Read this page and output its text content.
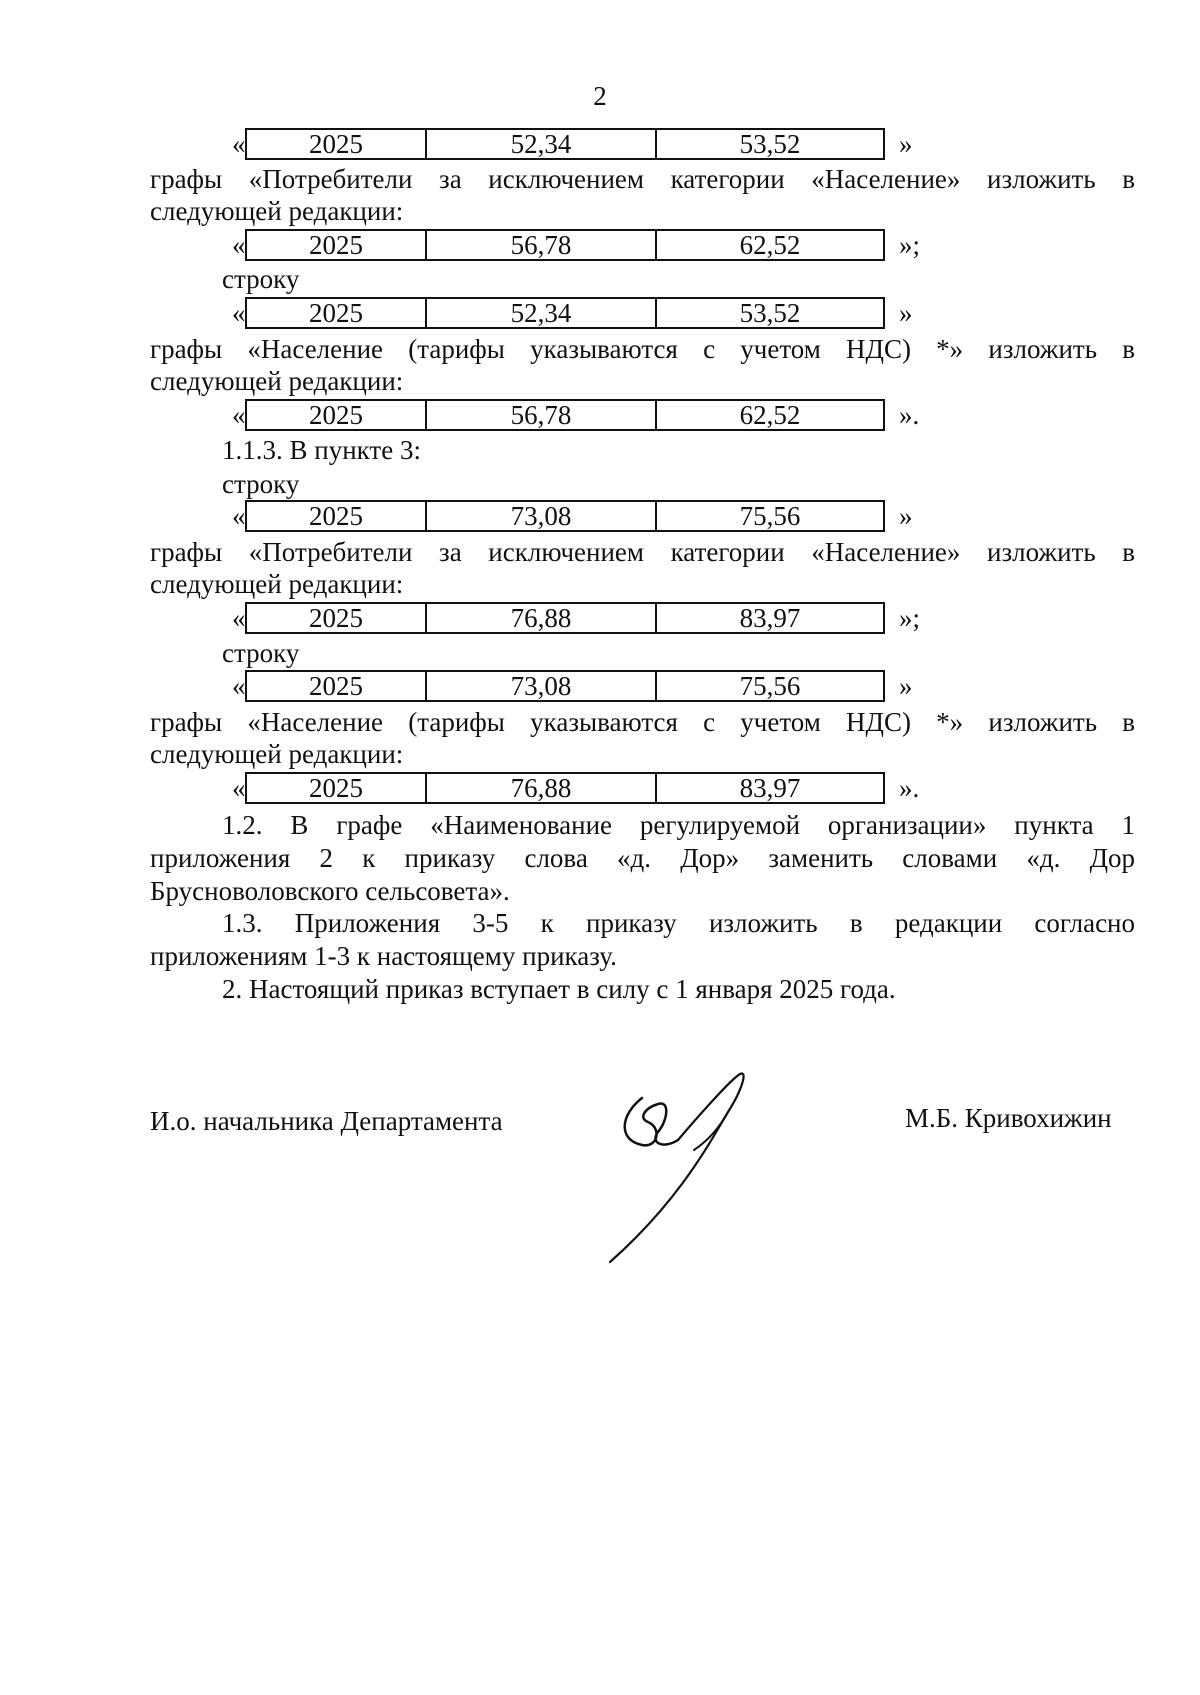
2
«	2025	52,34	53,52	»
графы «Потребители за исключением категории «Население» изложить в
следующей редакции:
«	2025	56,78	62,52	»;
строку
«	2025	52,34	53,52	»
графы «Население (тарифы указываются с учетом НДС) *» изложить в
следующей редакции:
«	2025	56,78	62,52	».
1.1.3. В пункте 3:
строку
«	2025	73,08	75,56	»
графы «Потребители за исключением категории «Население» изложить в
следующей редакции:
«	2025	76,88	83,97	»;
строку
«	2025	73,08	75,56	»
графы «Население (тарифы указываются с учетом НДС) *» изложить в
следующей редакции:
«	2025	76,88	83,97	».
1.2. В графе «Наименование регулируемой организации» пункта 1
приложения 2 к приказу слова «д. Дор» заменить словами «д. Дор
Брусноволовского сельсовета».
1.3. Приложения 3-5 к приказу изложить в редакции согласно
приложениям 1-3 к настоящему приказу.
2. Настоящий приказ вступает в силу с 1 января 2025 года.
И.о. начальника Департамента	М.Б. Кривохижин
